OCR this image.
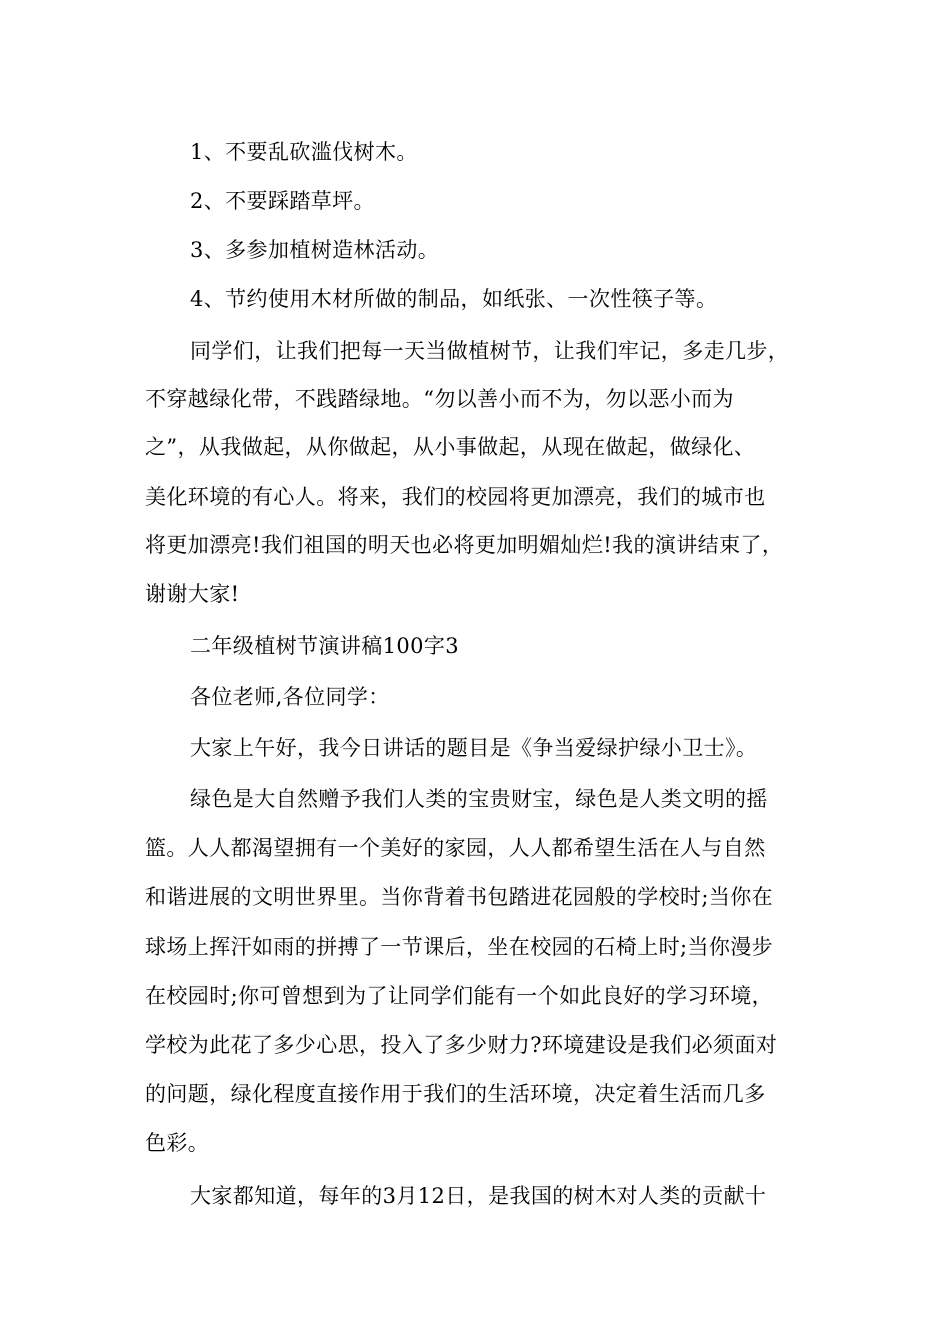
1、不要乱砍滥伐树木。
2、不要踩踏草坪。
3、多参加植树造林活动。
4、节约使用木材所做的制品，如纸张、一次性筷子等。
同学们，让我们把每一天当做植树节，让我们牢记，多走几步，
不穿越绿化带，不践踏绿地。“勿以善小而不为，勿以恶小而为
之”，从我做起，从你做起，从小事做起，从现在做起，做绿化、
美化环境的有心人。将来，我们的校园将更加漂亮，我们的城市也
将更加漂亮!我们祖国的明天也必将更加明媚灿烂!我的演讲结束了，
谢谢大家!
二年级植树节演讲稿100字3
各位老师,各位同学：
大家上午好，我今日讲话的题目是《争当爱绿护绿小卫士》。
绿色是大自然赠予我们人类的宝贵财宝，绿色是人类文明的摇
篮。人人都渴望拥有一个美好的家园，人人都希望生活在人与自然
和谐进展的文明世界里。当你背着书包踏进花园般的学校时;当你在
球场上挥汗如雨的拼搏了一节课后，坐在校园的石椅上时;当你漫步
在校园时;你可曾想到为了让同学们能有一个如此良好的学习环境，
学校为此花了多少心思，投入了多少财力?环境建设是我们必须面对
的问题，绿化程度直接作用于我们的生活环境，决定着生活而几多
色彩。
大家都知道，每年的3月12日，是我国的树木对人类的贡献十
